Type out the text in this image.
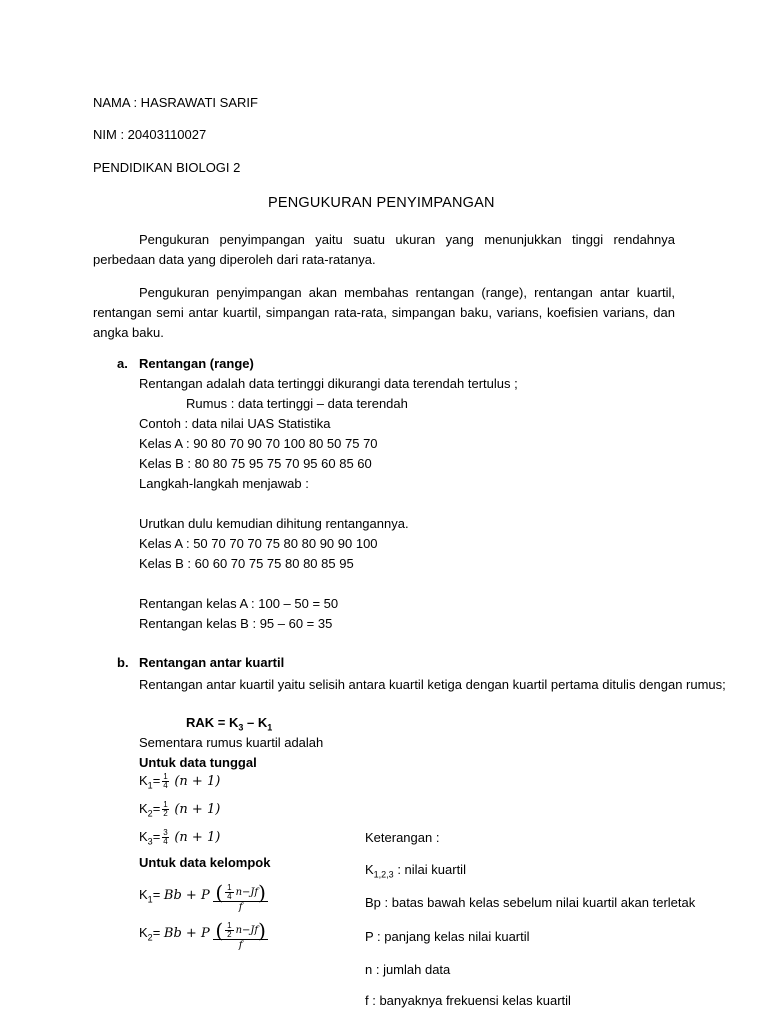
NAMA : HASRAWATI SARIF
NIM : 20403110027
PENDIDIKAN BIOLOGI 2
PENGUKURAN PENYIMPANGAN
Pengukuran penyimpangan yaitu suatu ukuran yang menunjukkan tinggi rendahnya perbedaan data yang diperoleh dari rata-ratanya.
Pengukuran penyimpangan akan membahas rentangan (range), rentangan antar kuartil, rentangan semi antar kuartil, simpangan rata-rata, simpangan baku, varians, koefisien varians, dan angka baku.
a. Rentangan (range)
Rentangan adalah data tertinggi dikurangi data terendah tertulus ;
Rumus : data tertinggi – data terendah
Contoh : data nilai UAS Statistika
Kelas A : 90 80 70 90 70 100 80 50 75 70
Kelas B : 80 80 75 95 75 70 95 60 85 60
Langkah-langkah menjawab :
Urutkan dulu kemudian dihitung rentangannya.
Kelas A : 50 70 70 70 75 80 80 90 90 100
Kelas B : 60 60 70 75 75 80 80 85 95
Rentangan kelas A : 100 – 50 = 50
Rentangan kelas B : 95 – 60 = 35
b. Rentangan antar kuartil
Rentangan antar kuartil yaitu selisih antara kuartil ketiga dengan kuartil pertama ditulis dengan rumus;
RAK = $K_3 - K_1$
Sementara rumus kuartil adalah
Untuk data tunggal
$K_1= \frac{1}{4} (n + 1)$
$K_2= \frac{1}{2} (n + 1)$
$K_3= \frac{3}{4} (n + 1)$
Untuk data kelompok
$K_1= Bb + P \frac{( \frac{1}{4} n-Jf)}{f}$
$K_2= Bb + P \frac{( \frac{1}{2} n-Jf)}{f}$
Keterangan :
$K_{1,2,3}$ : nilai kuartil
Bp : batas bawah kelas sebelum nilai kuartil akan terletak
P : panjang kelas nilai kuartil
n : jumlah data
f : banyaknya frekuensi kelas kuartil
